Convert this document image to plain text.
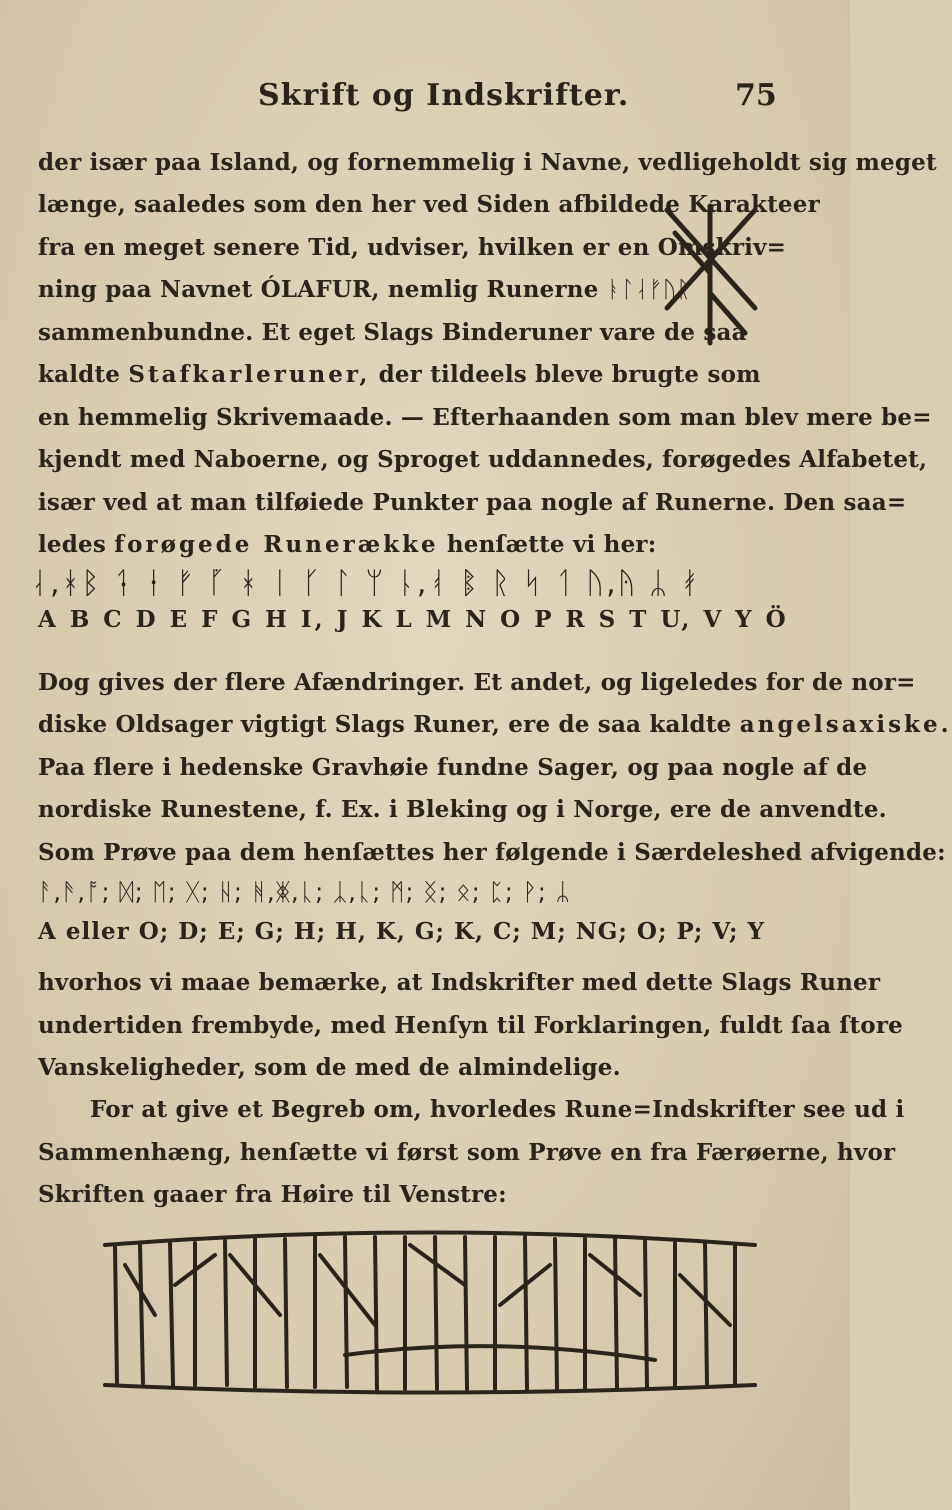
Skrift og Indskrifter.	75
der især paa Island, og fornemmelig i Navne, vedligeholdt sig meget
længe, saaledes som den her ved Siden afbildede Karakteer
fra en meget senere Tid, udviser, hvilken er en Omskriv=
ning paa Navnet ÓLAFUR, nemlig Runerne ᚭᛚᛆᚠᚢᚱ
sammenbundne. Et eget Slags Binderuner vare de saa
kaldte Stafkarleruner, der tildeels bleve brugte som
en hemmelig Skrivemaade. — Efterhaanden som man blev mere be=
kjendt med Naboerne, og Sproget uddannedes, forøgedes Alfabetet,
især ved at man tilføiede Punkter paa nogle af Runerne. Den saa=
ledes forøgede Runerække henſætte vi her:
ᛆ,ᚼᛒ ᛑ ᛂ ᚠ ᚵ ᚼ ᛁ ᚴ ᛚ ᛘ ᚿ,ᚮ ᛔ ᚱ ᛋ ᛐ ᚢ,ᚤ ᛦ ᚯ
A B C D E F G H I, J K L M N O P R S T U, V Y Ö
Dog gives der flere Afændringer. Et andet, og ligeledes for de nor=
diske Oldsager vigtigt Slags Runer, ere de saa kaldte angelsaxiske.
Paa flere i hedenske Gravhøie fundne Sager, og paa nogle af de
nordiske Runestene, f. Ex. i Bleking og i Norge, ere de anvendte.
Som Prøve paa dem henſættes her følgende i Særdeleshed afvigende:
ᚨ,ᚫ,ᚩ; ᛞ; ᛖ; ᚷ; ᚺ; ᚻ,ᛤ,ᚳ; ᛣ,ᚳ; ᛗ; ᛝ; ᛟ; ᛈ; ᚹ; ᛦ
A eller O; D; E; G; H; H, K, G; K, C; M; NG; O; P; V; Y
hvorhos vi maae bemærke, at Indskrifter med dette Slags Runer
undertiden frembyde, med Henſyn til Forklaringen, fuldt ſaa ſtore
Vanskeligheder, som de med de almindelige.
For at give et Begreb om, hvorledes Rune=Indskrifter see ud i
Sammenhæng, henſætte vi først som Prøve en fra Færøerne, hvor
Skriften gaaer fra Høire til Venstre:
